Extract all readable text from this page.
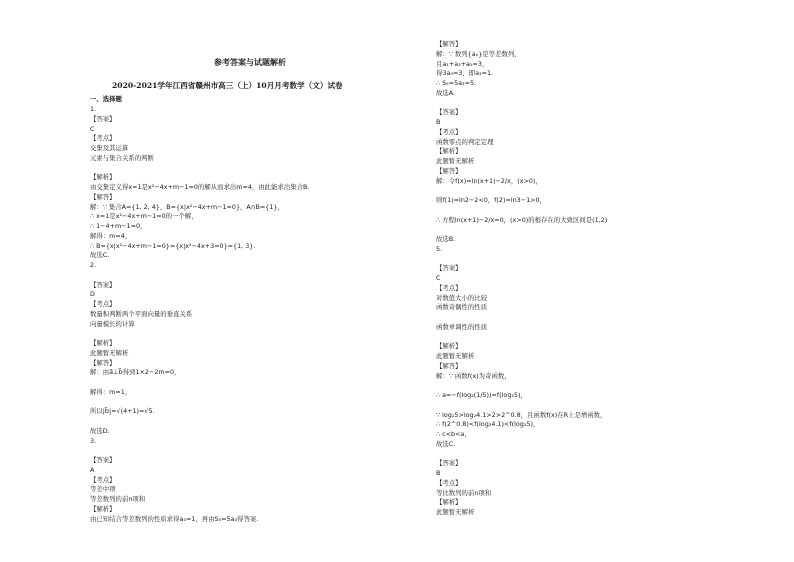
参考答案与试题解析
2020-2021学年江西省赣州市高三（上）10月月考数学（文）试卷
一、选择题
1.
【答案】
C
【考点】
交集及其运算
元素与集合关系的判断
【解析】
由交集定义得x=1是x²−4x+m−1=0的解从而求出m=4，由此能求出集合B.
【解答】
解：∵ 集合A={1, 2, 4}，B={x|x²−4x+m−1=0}，A∩B={1}，
∴ x=1是x²−4x+m−1=0的一个解，
∴ 1−4+m−1=0，
解得：m=4，
∴ B={x|x²−4x+m−1=0}={x|x²−4x+3=0}={1, 3}.
故选C.
2.
【答案】
D
【考点】
数量积判断两个平面向量的垂直关系
向量模长的计算
【解析】
此题暂无解析
【解答】
解：由a⃗⊥b⃗得到1×2−2m=0，
解得：m=1，
所以|b⃗|=√(4+1)=√5.
故选D.
3.
【答案】
A
【考点】
等差中项
等差数列的前n项和
【解析】
由已知结合等差数列的性质求得a₃=1，再由S₅=5a₃得答案.
【解答】
解：∵ 数列{aₙ}是等差数列，
且a₁+a₃+a₅=3，
得3a₃=3，即a₃=1.
∴ S₅=5a₃=5.
故选A.
【答案】
B
【考点】
函数零点的判定定理
【解析】
此题暂无解析
【解答】
解：令f(x)=ln(x+1)−2/x，(x>0)，
则f(1)=ln2−2<0，f(2)=ln3−1>0，
∴ 方程ln(x+1)−2/x=0，(x>0)的根存在的大致区间是(1,2)
故选B.
5.
【答案】
C
【考点】
对数值大小的比较
函数奇偶性的性质
函数单调性的性质
【解析】
此题暂无解析
【解答】
解：∵ 函数f(x)为奇函数，
∴ a=−f(log₂(1/5))=f(log₂5)，
∵ log₂5>log₂4.1>2>2^0.8，且函数f(x)在R上是增函数，
∴ f(2^0.8)<f(log₂4.1)<f(log₂5)，
∴ c<b<a，
故选C.
【答案】
B
【考点】
等比数列的前n项和
【解析】
此题暂无解析
